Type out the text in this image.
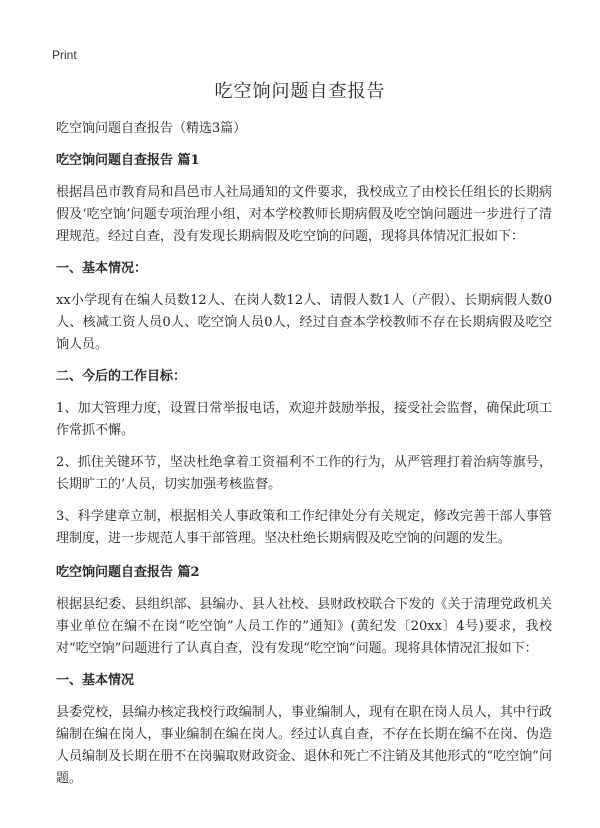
Print
吃空饷问题自查报告

吃空饷问题自查报告（精选3篇）

吃空饷问题自查报告 篇1

根据昌邑市教育局和昌邑市人社局通知的文件要求，我校成立了由校长任组长的长期病假及‘吃空饷’问题专项治理小组，对本学校教师长期病假及吃空饷问题进一步进行了清理规范。经过自查，没有发现长期病假及吃空饷的问题，现将具体情况汇报如下：

一、基本情况：

xx小学现有在编人员数12人、在岗人数12人、请假人数1人（产假）、长期病假人数0人、核减工资人员0人、吃空饷人员0人，经过自查本学校教师不存在长期病假及吃空饷人员。

二、今后的工作目标：

1、加大管理力度，设置日常举报电话，欢迎并鼓励举报，接受社会监督，确保此项工作常抓不懈。

2、抓住关键环节，坚决杜绝拿着工资福利不工作的行为，从严管理打着治病等旗号，长期旷工的’人员，切实加强考核监督。

3、科学建章立制，根据相关人事政策和工作纪律处分有关规定，修改完善干部人事管理制度，进一步规范人事干部管理。坚决杜绝长期病假及吃空饷的问题的发生。

吃空饷问题自查报告 篇2

根据县纪委、县组织部、县编办、县人社校、县财政校联合下发的《关于清理党政机关事业单位在编不在岗“吃空饷”人员工作的”通知》(黄纪发〔20xx〕4号)要求，我校对“吃空饷”问题进行了认真自查，没有发现“吃空饷”问题。现将具体情况汇报如下：

一、基本情况

县委党校，县编办核定我校行政编制人，事业编制人，现有在职在岗人员人，其中行政编制在编在岗人，事业编制在编在岗人。经过认真自查，不存在长期在编不在岗、伪造人员编制及长期在册不在岗骗取财政资金、退休和死亡不注销及其他形式的“吃空饷”问题。
